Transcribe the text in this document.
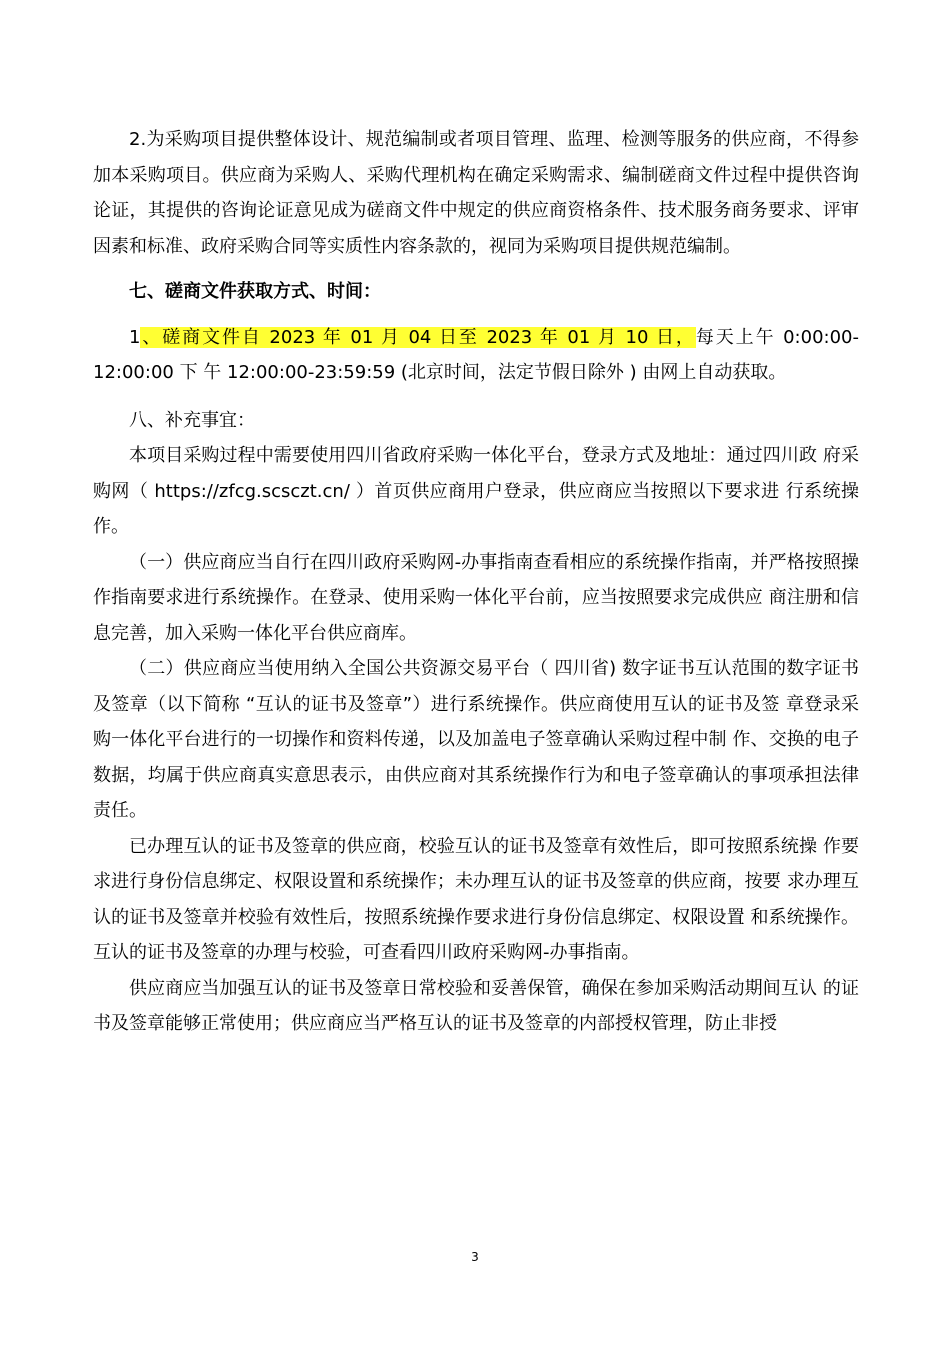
2.为采购项目提供整体设计、规范编制或者项目管理、监理、检测等服务的供应商，不得参加本采购项目。供应商为采购人、采购代理机构在确定采购需求、编制磋商文件过程中提供咨询论证，其提供的咨询论证意见成为磋商文件中规定的供应商资格条件、技术服务商务要求、评审因素和标准、政府采购合同等实质性内容条款的，视同为采购项目提供规范编制。

七、磋商文件获取方式、时间：

1、磋商文件自 2023 年 01 月 04 日至 2023 年 01 月 10 日，每天上午 0:00:00-12:00:00 下 午 12:00:00-23:59:59 (北京时间，法定节假日除外 ) 由网上自动获取。

八、补充事宜：

本项目采购过程中需要使用四川省政府采购一体化平台，登录方式及地址：通过四川政 府采购网（ https://zfcg.scsczt.cn/ ）首页供应商用户登录，供应商应当按照以下要求进 行系统操作。

（一）供应商应当自行在四川政府采购网-办事指南查看相应的系统操作指南，并严格按照操作指南要求进行系统操作。在登录、使用采购一体化平台前，应当按照要求完成供应 商注册和信息完善，加入采购一体化平台供应商库。

（二）供应商应当使用纳入全国公共资源交易平台（ 四川省) 数字证书互认范围的数字证书及签章（以下简称 “互认的证书及签章”）进行系统操作。供应商使用互认的证书及签 章登录采购一体化平台进行的一切操作和资料传递，以及加盖电子签章确认采购过程中制 作、交换的电子数据，均属于供应商真实意思表示，由供应商对其系统操作行为和电子签章确认的事项承担法律责任。

已办理互认的证书及签章的供应商，校验互认的证书及签章有效性后，即可按照系统操 作要求进行身份信息绑定、权限设置和系统操作；未办理互认的证书及签章的供应商，按要 求办理互认的证书及签章并校验有效性后，按照系统操作要求进行身份信息绑定、权限设置 和系统操作。互认的证书及签章的办理与校验，可查看四川政府采购网-办事指南。

供应商应当加强互认的证书及签章日常校验和妥善保管，确保在参加采购活动期间互认 的证书及签章能够正常使用；供应商应当严格互认的证书及签章的内部授权管理，防止非授

3
